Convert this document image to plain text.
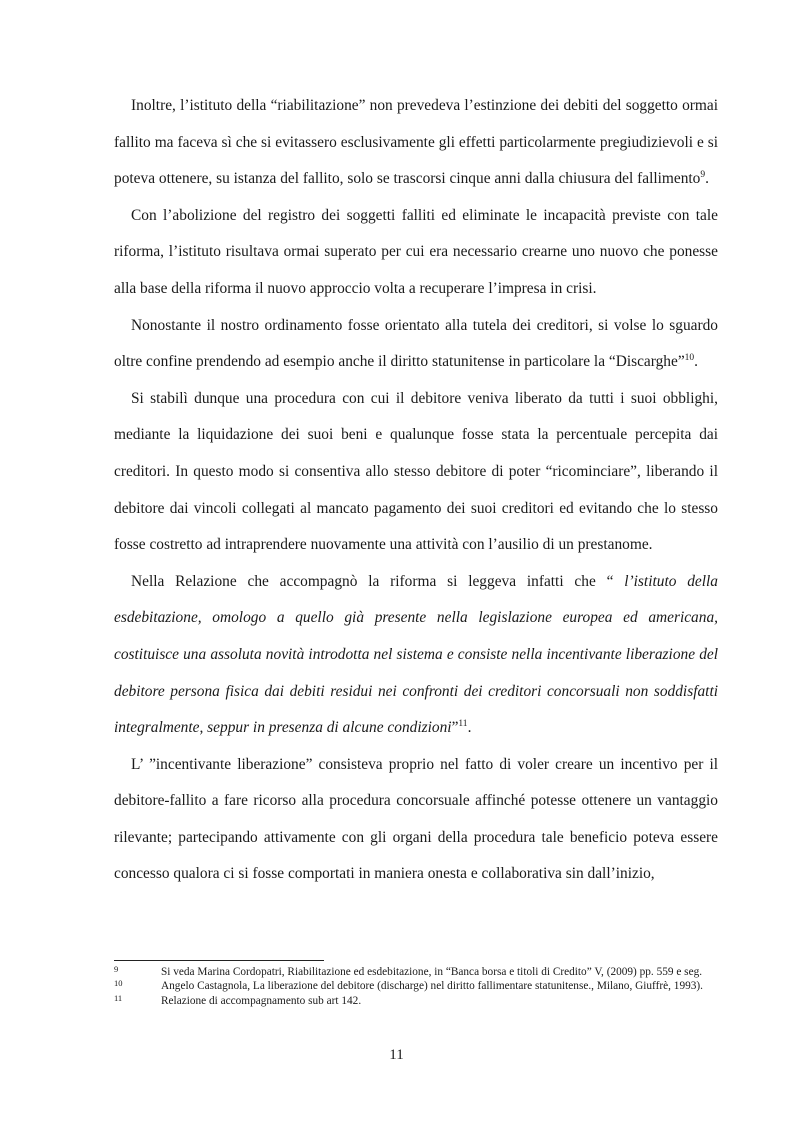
Inoltre, l’istituto della “riabilitazione” non prevedeva l’estinzione dei debiti del soggetto ormai fallito ma faceva sì che si evitassero esclusivamente gli effetti particolarmente pregiudizievoli e si poteva ottenere, su istanza del fallito, solo se trascorsi cinque anni dalla chiusura del fallimento$^9$.

Con l’abolizione del registro dei soggetti falliti ed eliminate le incapacità previste con tale riforma, l’istituto risultava ormai superato per cui era necessario crearne uno nuovo che ponesse alla base della riforma il nuovo approccio volta a recuperare l’impresa in crisi.

Nonostante il nostro ordinamento fosse orientato alla tutela dei creditori, si volse lo sguardo oltre confine prendendo ad esempio anche il diritto statunitense in particolare la “Discarghe”$^{10}$.

Si stabilì dunque una procedura con cui il debitore veniva liberato da tutti i suoi obblighi, mediante la liquidazione dei suoi beni e qualunque fosse stata la percentuale percepita dai creditori. In questo modo si consentiva allo stesso debitore di poter “ricominciare”, liberando il debitore dai vincoli collegati al mancato pagamento dei suoi creditori ed evitando che lo stesso fosse costretto ad intraprendere nuovamente una attività con l’ausilio di un prestanome.

Nella Relazione che accompagnò la riforma si leggeva infatti che “ l’istituto della esdebitazione, omologo a quello già presente nella legislazione europea ed americana, costituisce una assoluta novità introdotta nel sistema e consiste nella incentivante liberazione del debitore persona fisica dai debiti residui nei confronti dei creditori concorsuali non soddisfatti integralmente, seppur in presenza di alcune condizioni”$^{11}$.

L’ ”incentivante liberazione” consisteva proprio nel fatto di voler creare un incentivo per il debitore-fallito a fare ricorso alla procedura concorsuale affinché potesse ottenere un vantaggio rilevante; partecipando attivamente con gli organi della procedura tale beneficio poteva essere concesso qualora ci si fosse comportati in maniera onesta e collaborativa sin dall’inizio,

9	Si veda Marina Cordopatri, Riabilitazione ed esdebitazione, in “Banca borsa e titoli di Credito” V, (2009) pp. 559 e seg.

10	Angelo Castagnola, La liberazione del debitore (discharge) nel diritto fallimentare statunitense., Milano, Giuffrè, 1993).

11	Relazione di accompagnamento sub art 142.

11
